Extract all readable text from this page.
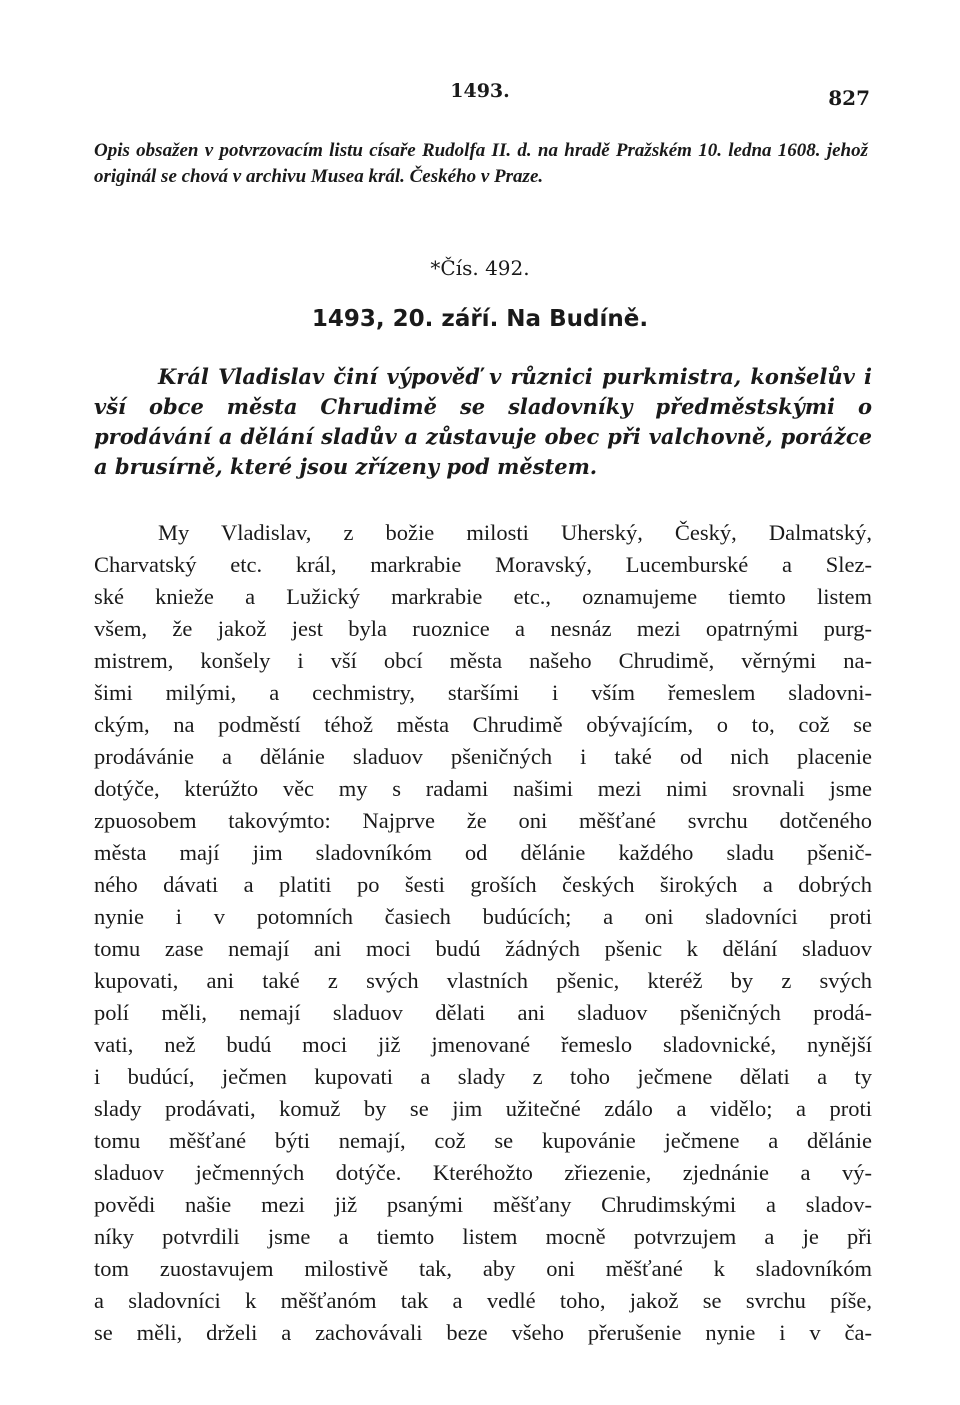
1493.	827
Opis obsažen v potvrzovacím listu císaře Rudolfa II. d. na hradě Pražském 10. ledna 1608. jehož originál se chová v archivu Musea král. Českého v Praze.
*Čís. 492.
1493, 20. září. Na Budíně.
Král Vladislav činí výpověď v různici purkmistra, konšelův i vší obce města Chrudimě se sladovníky předměstskými o prodávání a dělání sladův a zůstavuje obec při valchovně, porážce a brusírně, které jsou zřízeny pod městem.
My Vladislav, z božie milosti Uherský, Český, Dalmatský,
Charvatský etc. král, markrabie Moravský, Lucemburské a Slez-
ské knieže a Lužický markrabie etc., oznamujeme tiemto listem
všem, že jakož jest byla ruoznice a nesnáz mezi opatrnými purg-
mistrem, konšely i vší obcí města našeho Chrudimě, věrnými na-
šimi milými, a cechmistry, staršími i vším řemeslem sladovni-
ckým, na podměstí téhož města Chrudimě obývajícím, o to, což se
prodávánie a dělánie sladuov pšeničných i také od nich placenie
dotýče, kterúžto věc my s radami našimi mezi nimi srovnali jsme
zpuosobem takovýmto: Najprve že oni měšťané svrchu dotčeného
města mají jim sladovníkóm od dělánie každého sladu pšenič-
ného dávati a platiti po šesti groších českých širokých a dobrých
nynie i v potomních časiech budúcích; a oni sladovníci proti
tomu zase nemají ani moci budú žádných pšenic k dělání sladuov
kupovati, ani také z svých vlastních pšenic, kteréž by z svých
polí měli, nemají sladuov dělati ani sladuov pšeničných prodá-
vati, než budú moci již jmenované řemeslo sladovnické, nynější
i budúcí, ječmen kupovati a slady z toho ječmene dělati a ty
slady prodávati, komuž by se jim užitečné zdálo a vidělo; a proti
tomu měšťané býti nemají, což se kupovánie ječmene a dělánie
sladuov ječmenných dotýče. Kteréhožto zřiezenie, zjednánie a vý-
povědi našie mezi již psanými měšťany Chrudimskými a sladov-
níky potvrdili jsme a tiemto listem mocně potvrzujem a je při
tom zuostavujem milostivě tak, aby oni měšťané k sladovníkóm
a sladovníci k měšťanóm tak a vedlé toho, jakož se svrchu píše,
se měli, drželi a zachovávali beze všeho přerušenie nynie i v ča-
